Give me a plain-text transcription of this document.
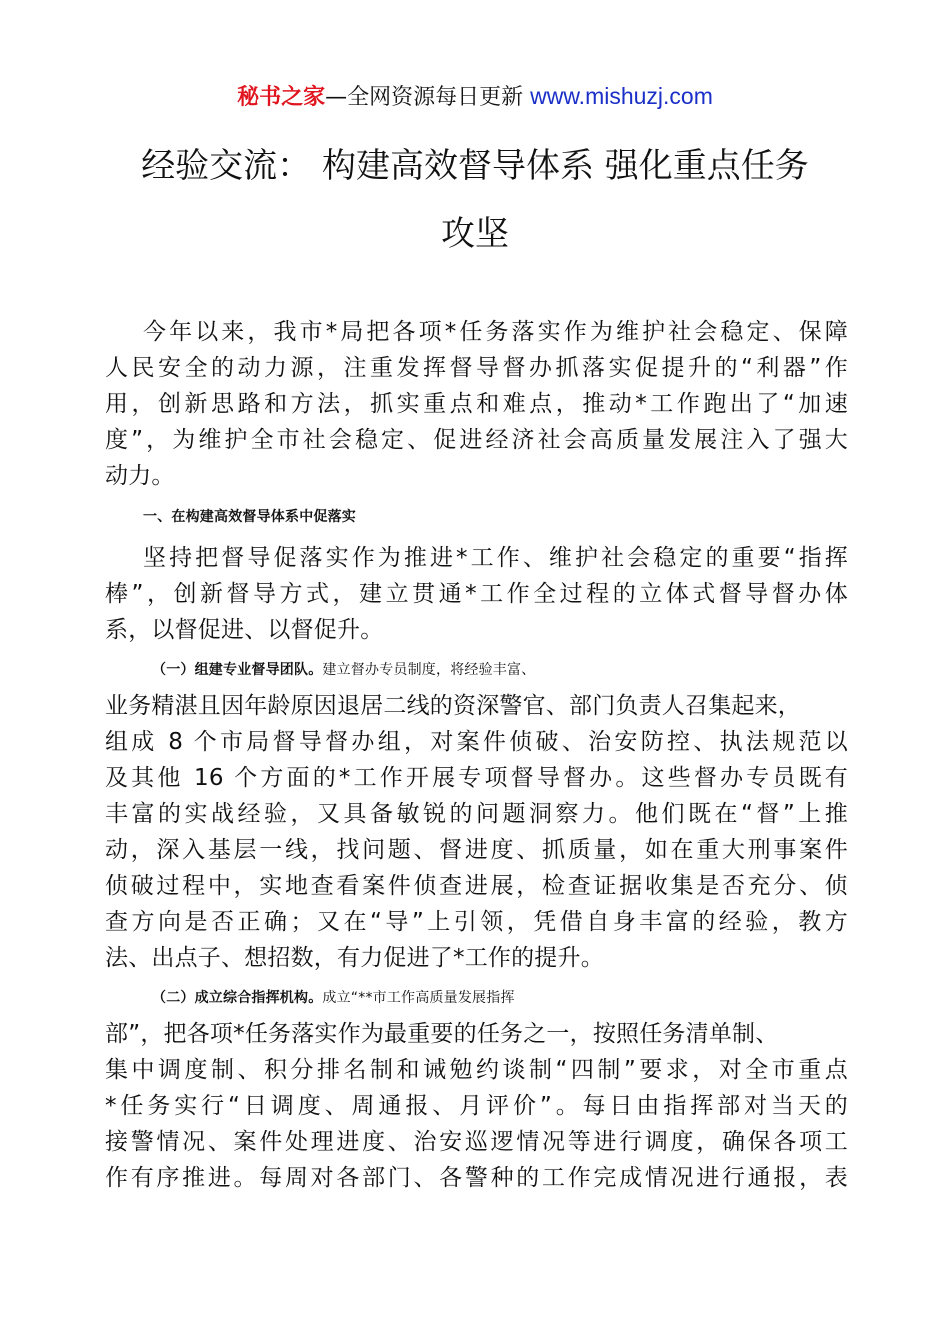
秘书之家—全网资源每日更新 www.mishuzj.com
经验交流： 构建高效督导体系 强化重点任务
攻坚
今年以来，我市*局把各项*任务落实作为维护社会稳定、保障
人民安全的动力源，注重发挥督导督办抓落实促提升的“利器”作
用，创新思路和方法，抓实重点和难点，推动*工作跑出了“加速
度”，为维护全市社会稳定、促进经济社会高质量发展注入了强大
动力。
一、在构建高效督导体系中促落实
坚持把督导促落实作为推进*工作、维护社会稳定的重要“指挥
棒”，创新督导方式，建立贯通*工作全过程的立体式督导督办体
系，以督促进、以督促升。
（一）组建专业督导团队。建立督办专员制度，将经验丰富、
业务精湛且因年龄原因退居二线的资深警官、部门负责人召集起来，
组成 8 个市局督导督办组，对案件侦破、治安防控、执法规范以
及其他 16 个方面的*工作开展专项督导督办。这些督办专员既有
丰富的实战经验，又具备敏锐的问题洞察力。他们既在“督”上推
动，深入基层一线，找问题、督进度、抓质量，如在重大刑事案件
侦破过程中，实地查看案件侦查进展，检查证据收集是否充分、侦
查方向是否正确；又在“导”上引领，凭借自身丰富的经验，教方
法、出点子、想招数，有力促进了*工作的提升。
（二）成立综合指挥机构。成立“**市工作高质量发展指挥
部”，把各项*任务落实作为最重要的任务之一，按照任务清单制、
集中调度制、积分排名制和诫勉约谈制“四制”要求，对全市重点
*任务实行“日调度、周通报、月评价”。每日由指挥部对当天的
接警情况、案件处理进度、治安巡逻情况等进行调度，确保各项工
作有序推进。每周对各部门、各警种的工作完成情况进行通报，表
